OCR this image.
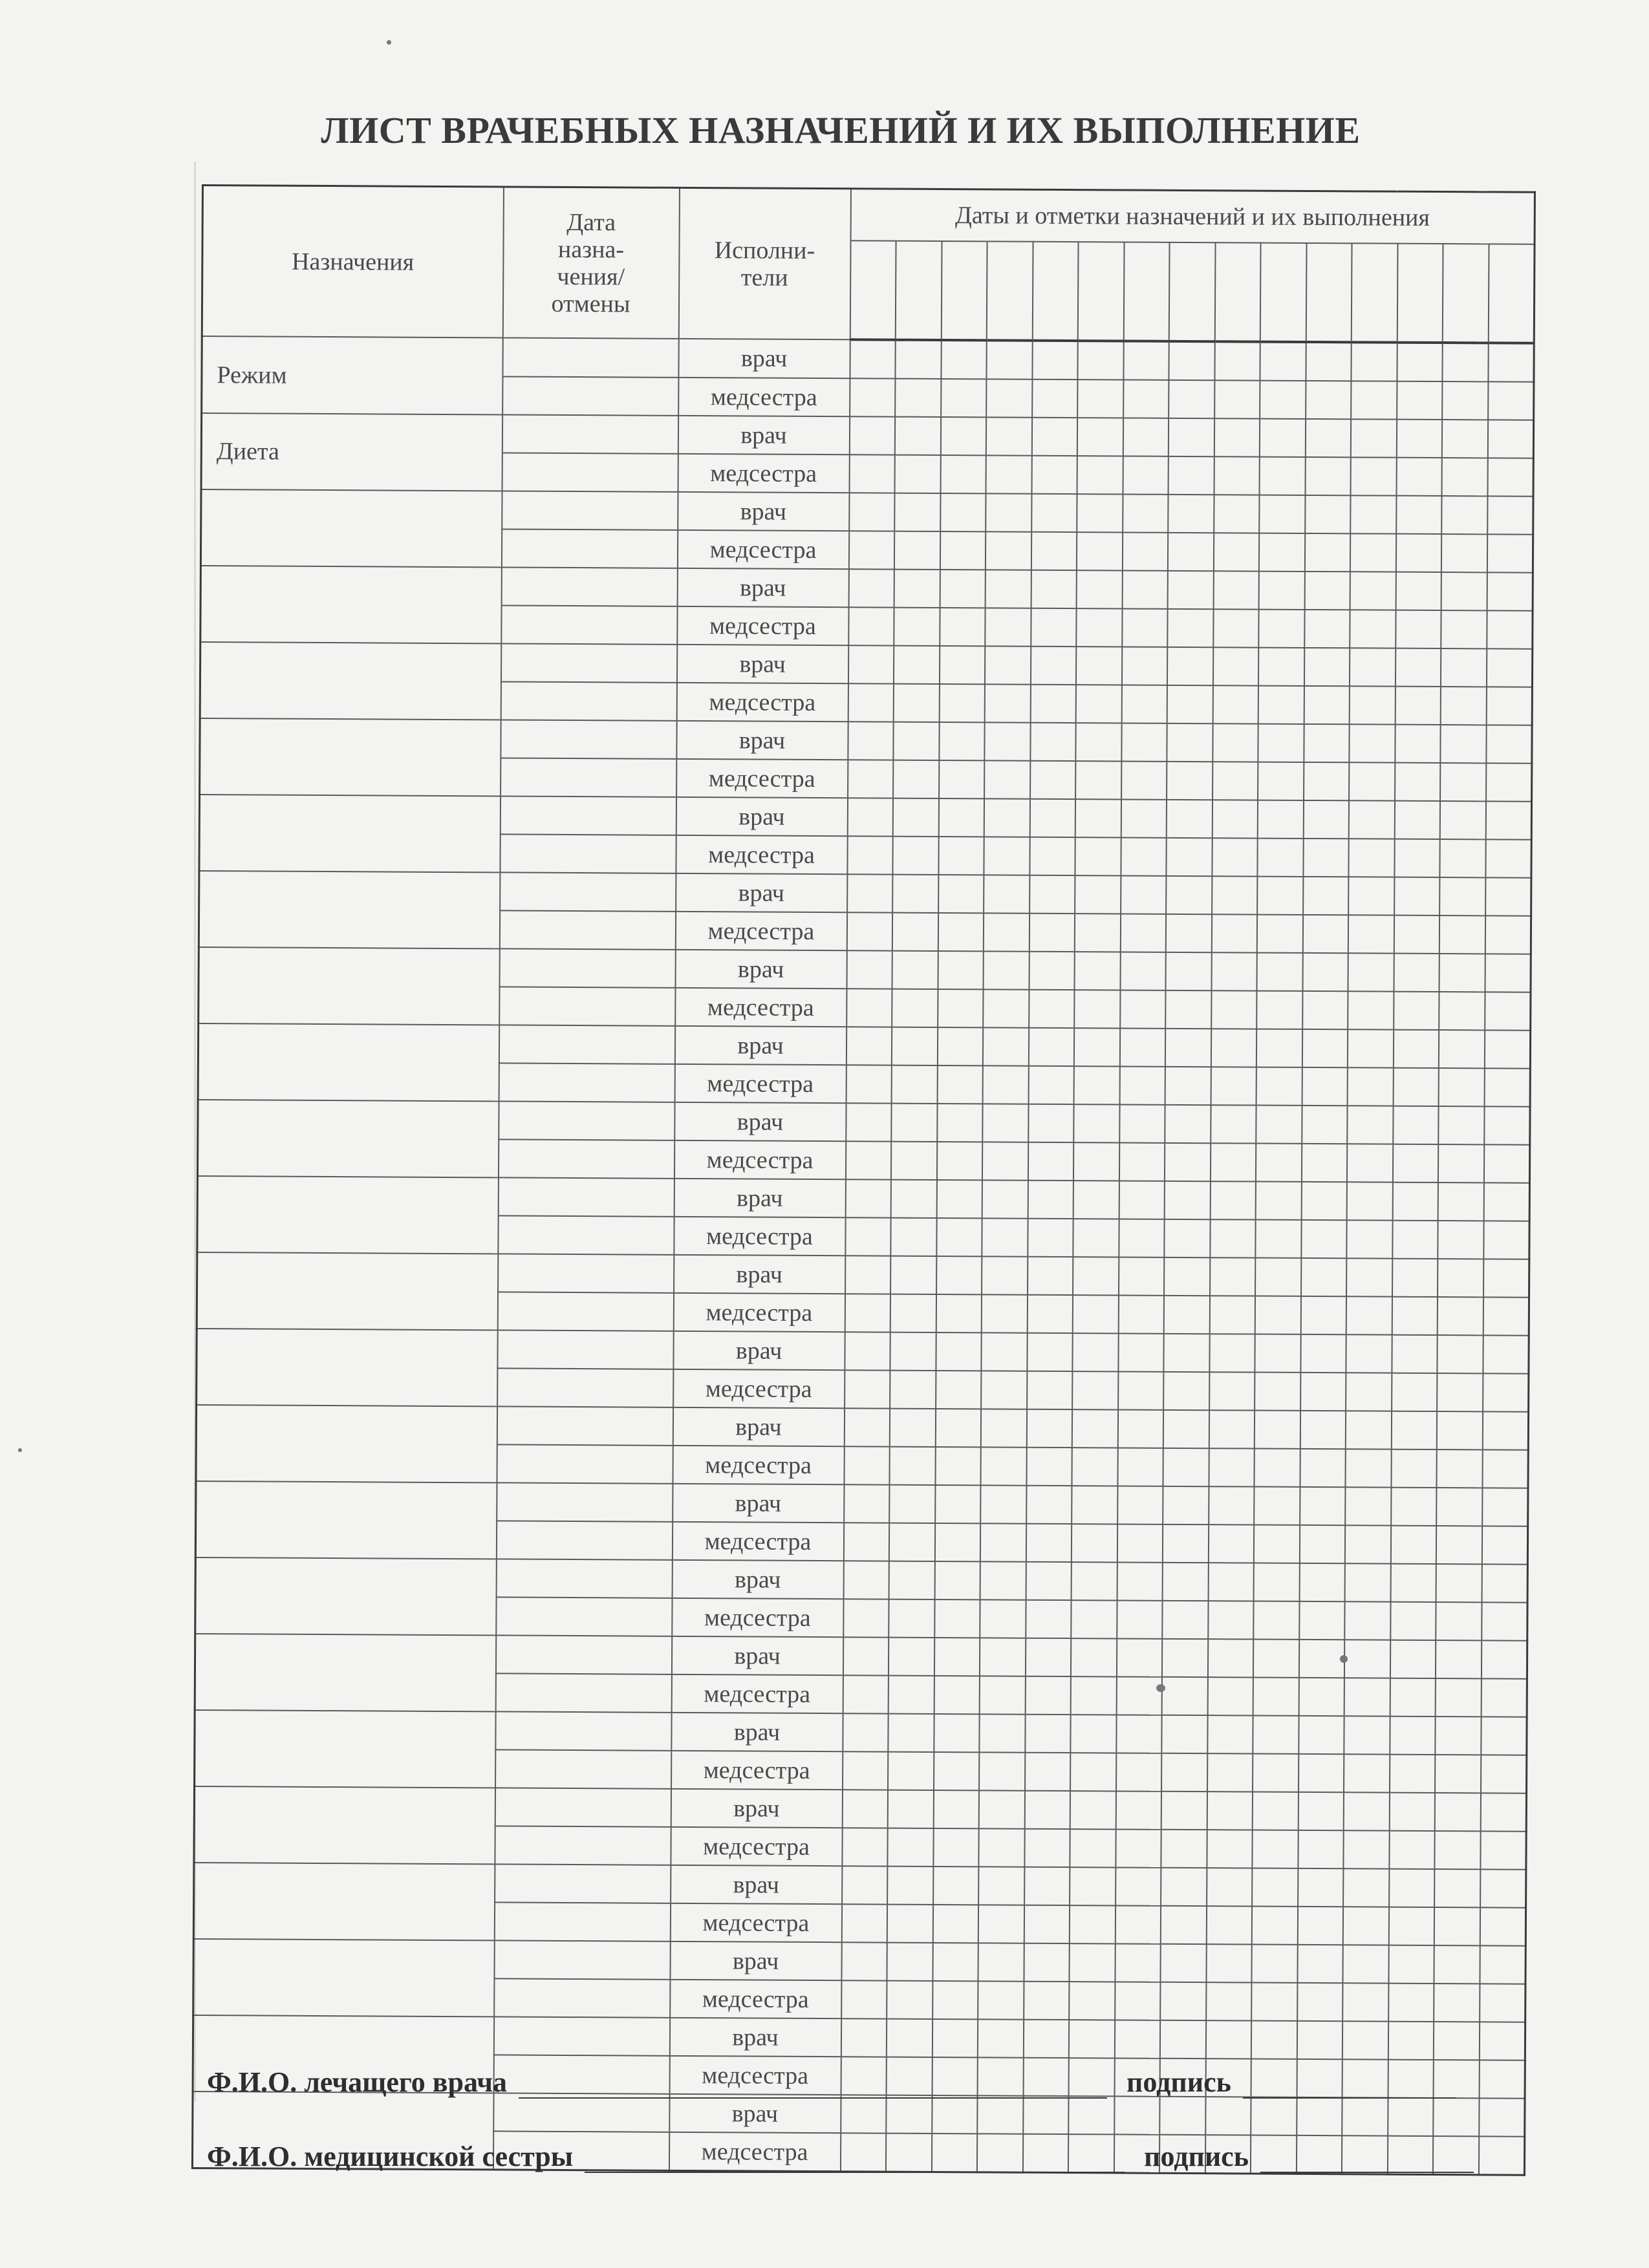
ЛИСТ ВРАЧЕБНЫХ НАЗНАЧЕНИЙ И ИХ ВЫПОЛНЕНИЕ
Назначения	Дата назна-чения/ отмены	Исполни-тели	Даты и отметки назначений и их выполнения														

Режим		врач															
		медсестра															
Диета		врач															
		медсестра															
		врач															
		медсестра															
		врач															
		медсестра															
		врач															
		медсестра															
		врач															
		медсестра															
		врач															
		медсестра															
		врач															
		медсестра															
		врач															
		медсестра															
		врач															
		медсестра															
		врач															
		медсестра															
		врач															
		медсестра															
		врач															
		медсестра															
		врач															
		медсестра															
		врач															
		медсестра															
		врач															
		медсестра															
		врач															
		медсестра															
		врач															
		медсестра															
		врач															
		медсестра															
		врач															
		медсестра															
		врач															
		медсестра															
		врач															
		медсестра															
		врач															
		медсестра															
		врач															
		медсестра															
Ф.И.О. лечащего врача	подпись
Ф.И.О. медицинской сестры	подпись
